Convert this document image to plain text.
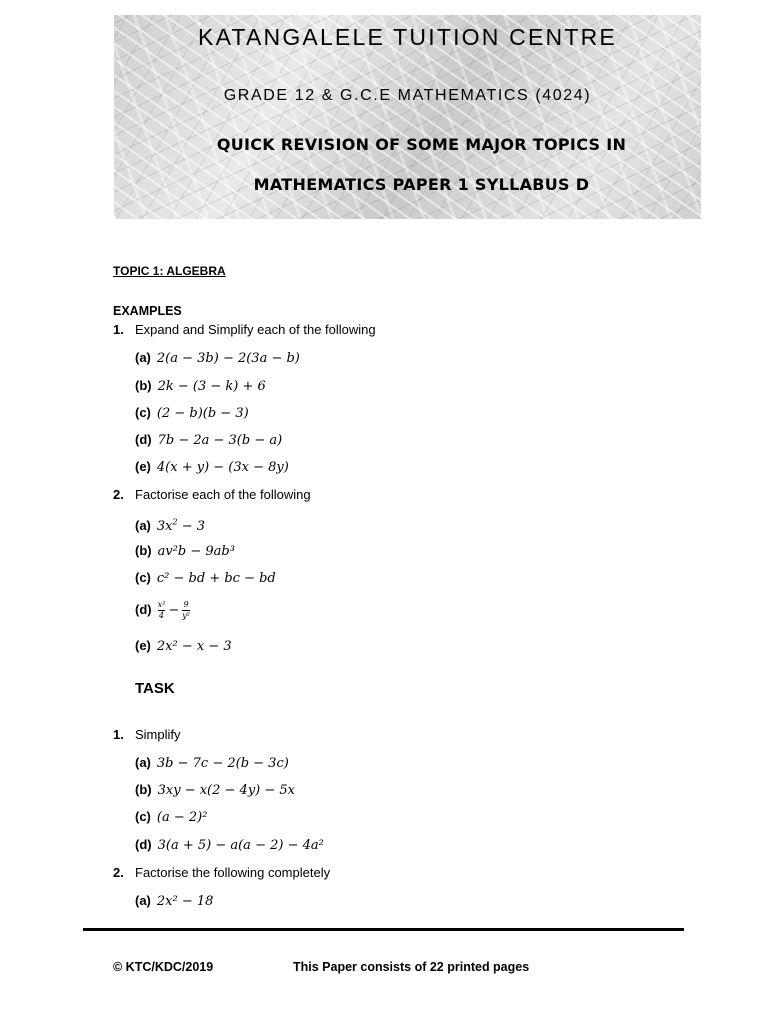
KATANGALELE TUITION CENTRE
GRADE 12 & G.C.E MATHEMATICS (4024)
QUICK REVISION OF SOME MAJOR TOPICS IN
MATHEMATICS PAPER 1 SYLLABUS D
TOPIC 1: ALGEBRA
EXAMPLES
1. Expand and Simplify each of the following
(a) 2(a − 3b) − 2(3a − b)
(b) 2k − (3 − k) + 6
(c) (2 − b)(b − 3)
(d) 7b − 2a − 3(b − a)
(e) 4(x + y) − (3x − 8y)
2. Factorise each of the following
(a) $3x^2 - 3$
(b) av²b − 9ab³
(c) c² − bd + bc − bd
$(d) \frac{\text{x²}}{4} - \frac{9}{\text{y²}}$
(e) 2x² − x − 3
TASK
1. Simplify
(a) 3b − 7c − 2(b − 3c)
(b) 3xy − x(2 − 4y) − 5x
(c) (a − 2)²
(d) 3(a + 5) − a(a − 2) − 4a²
2. Factorise the following completely
(a) 2x² − 18
© KTC/KDC/2019	This Paper consists of 22 printed pages
